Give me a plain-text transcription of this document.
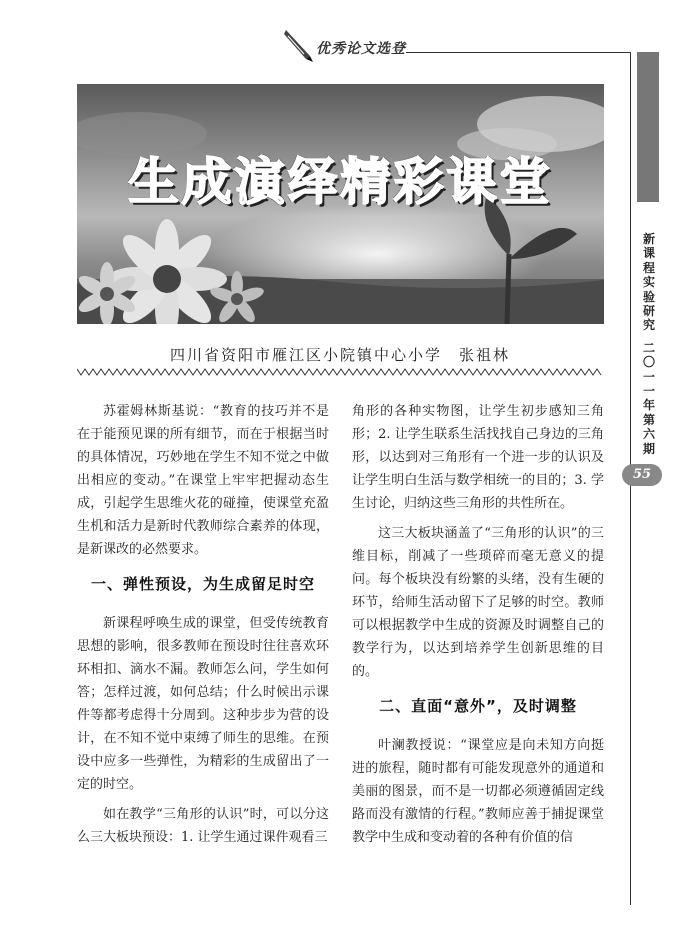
优秀论文选登
新课程实验研究
二〇一一年第六期
55
生成演绎精彩课堂
四川省资阳市雁江区小院镇中心小学　张祖林

苏霍姆林斯基说：“教育的技巧并不是在于能预见课的所有细节，而在于根据当时的具体情况，巧妙地在学生不知不觉之中做出相应的变动。”在课堂上牢牢把握动态生成，引起学生思维火花的碰撞，使课堂充盈生机和活力是新时代教师综合素养的体现，是新课改的必然要求。

一、弹性预设，为生成留足时空

新课程呼唤生成的课堂，但受传统教育思想的影响，很多教师在预设时往往喜欢环环相扣、滴水不漏。教师怎么问，学生如何答；怎样过渡，如何总结；什么时候出示课件等都考虑得十分周到。这种步步为营的设计，在不知不觉中束缚了师生的思维。在预设中应多一些弹性，为精彩的生成留出了一定的时空。

如在教学“三角形的认识”时，可以分这么三大板块预设：1. 让学生通过课件观看三

角形的各种实物图，让学生初步感知三角形；2. 让学生联系生活找找自己身边的三角形，以达到对三角形有一个进一步的认识及让学生明白生活与数学相统一的目的；3. 学生讨论，归纳这些三角形的共性所在。

这三大板块涵盖了“三角形的认识”的三维目标，削减了一些琐碎而毫无意义的提问。每个板块没有纷繁的头绪，没有生硬的环节，给师生活动留下了足够的时空。教师可以根据教学中生成的资源及时调整自己的教学行为，以达到培养学生创新思维的目的。

二、直面“意外”，及时调整

叶澜教授说：“课堂应是向未知方向挺进的旅程，随时都有可能发现意外的通道和美丽的图景，而不是一切都必须遵循固定线路而没有激情的行程。”教师应善于捕捉课堂教学中生成和变动着的各种有价值的信
